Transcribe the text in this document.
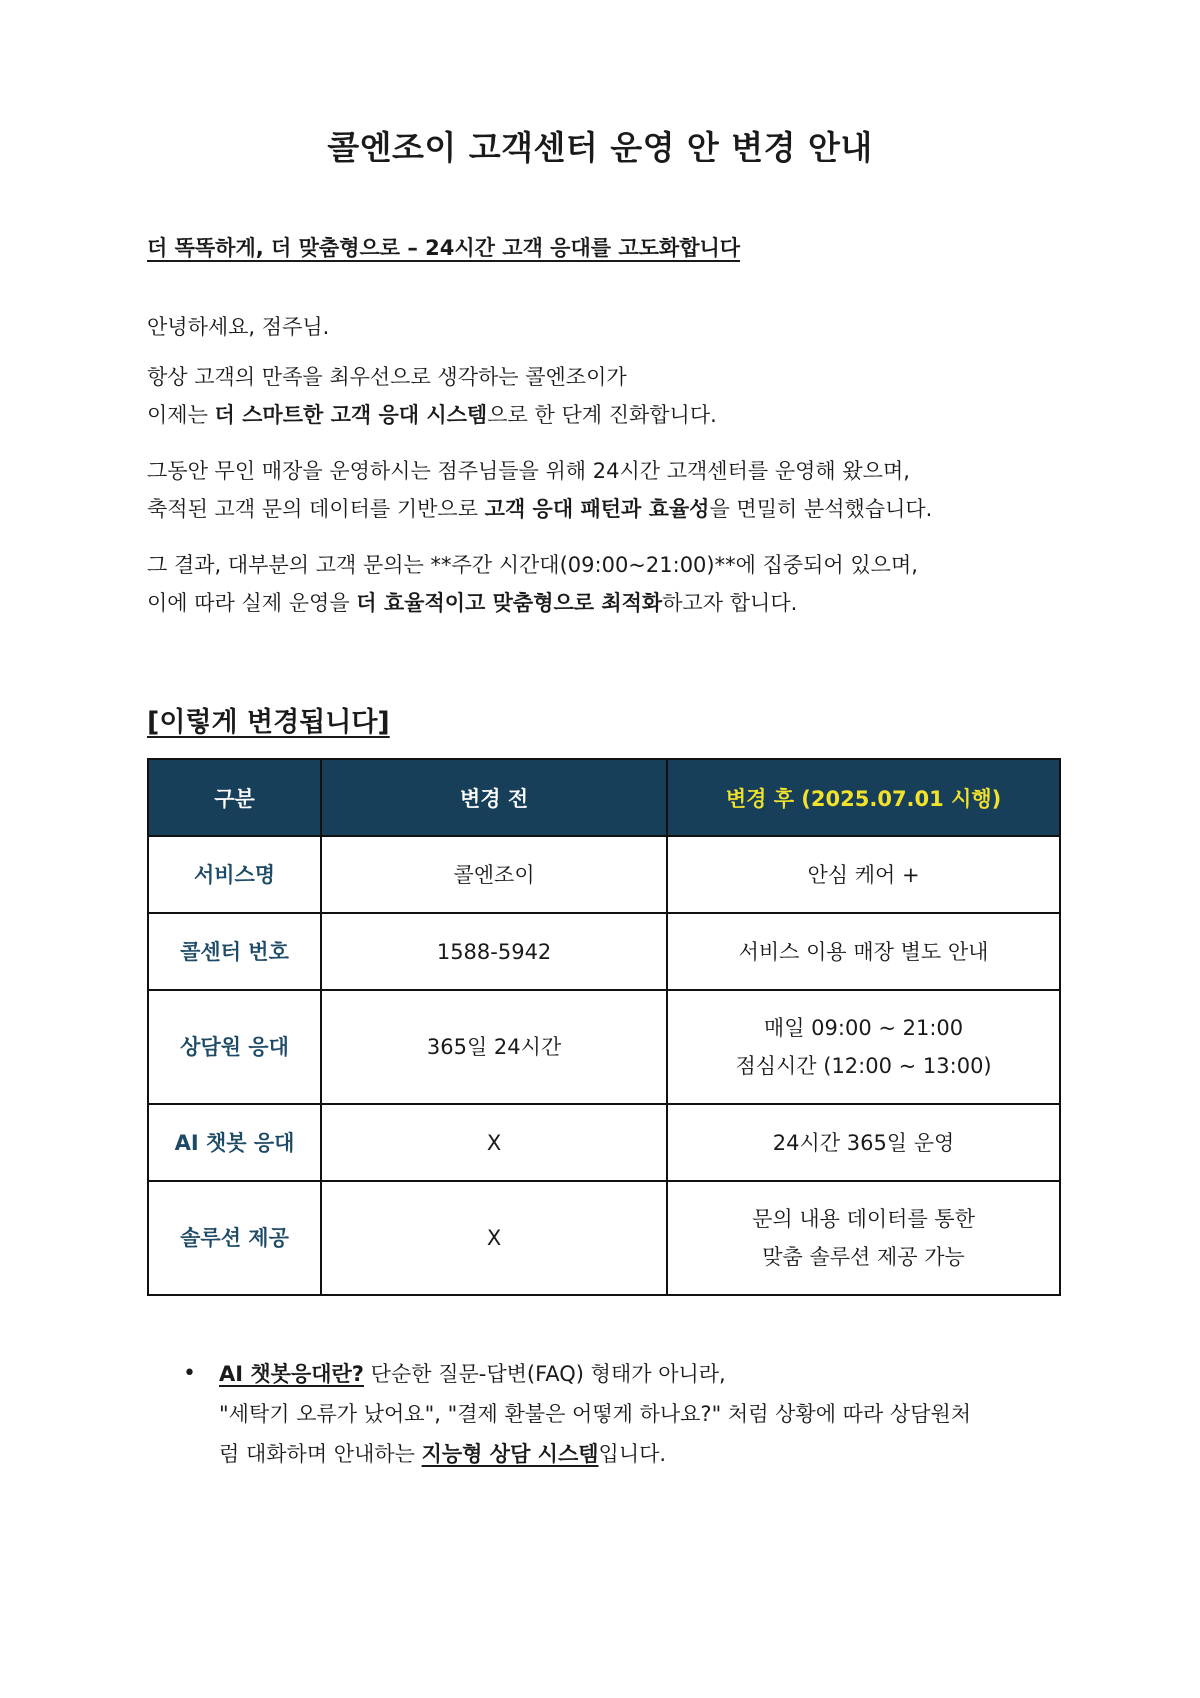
콜엔조이 고객센터 운영 안 변경 안내

더 똑똑하게, 더 맞춤형으로 – 24시간 고객 응대를 고도화합니다

안녕하세요, 점주님.

항상 고객의 만족을 최우선으로 생각하는 콜엔조이가
이제는 더 스마트한 고객 응대 시스템으로 한 단계 진화합니다.

그동안 무인 매장을 운영하시는 점주님들을 위해 24시간 고객센터를 운영해 왔으며,
축적된 고객 문의 데이터를 기반으로 고객 응대 패턴과 효율성을 면밀히 분석했습니다.

그 결과, 대부분의 고객 문의는 **주간 시간대(09:00~21:00)**에 집중되어 있으며,
이에 따라 실제 운영을 더 효율적이고 맞춤형으로 최적화하고자 합니다.

[이렇게 변경됩니다]
구분	변경 전	변경 후 (2025.07.01 시행)
서비스명	콜엔조이	안심 케어 +
콜센터 번호	1588-5942	서비스 이용 매장 별도 안내
상담원 응대	365일 24시간	매일 09:00 ~ 21:00
점심시간 (12:00 ~ 13:00)
AI 챗봇 응대	X	24시간 365일 운영
솔루션 제공	X	문의 내용 데이터를 통한
맞춤 솔루션 제공 가능
• AI 챗봇응대란? 단순한 질문-답변(FAQ) 형태가 아니라,
"세탁기 오류가 났어요", "결제 환불은 어떻게 하나요?" 처럼 상황에 따라 상담원처
럼 대화하며 안내하는 지능형 상담 시스템입니다.
